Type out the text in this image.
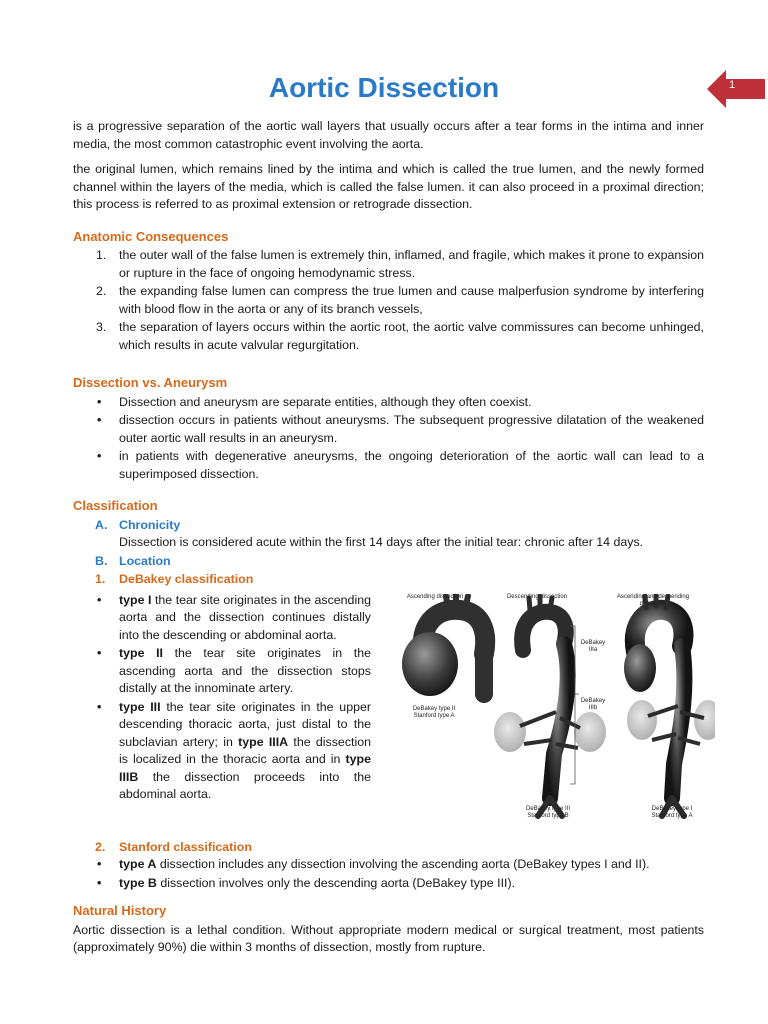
Aortic Dissection	1

is a progressive separation of the aortic wall layers that usually occurs after a tear forms in the intima and inner media, the most common catastrophic event involving the aorta.

the original lumen, which remains lined by the intima and which is called the true lumen, and the newly formed channel within the layers of the media, which is called the false lumen. it can also proceed in a proximal direction; this process is referred to as proximal extension or retrograde dissection.

Anatomic Consequences
1. the outer wall of the false lumen is extremely thin, inflamed, and fragile, which makes it prone to expansion or rupture in the face of ongoing hemodynamic stress.
2. the expanding false lumen can compress the true lumen and cause malperfusion syndrome by interfering with blood flow in the aorta or any of its branch vessels,
3. the separation of layers occurs within the aortic root, the aortic valve commissures can become unhinged, which results in acute valvular regurgitation.
Dissection vs. Aneurysm
• Dissection and aneurysm are separate entities, although they often coexist.
• dissection occurs in patients without aneurysms. The subsequent progressive dilatation of the weakened outer aortic wall results in an aneurysm.
• in patients with degenerative aneurysms, the ongoing deterioration of the aortic wall can lead to a superimposed dissection.
Classification
A. Chronicity
Dissection is considered acute within the first 14 days after the initial tear: chronic after 14 days.
B. Location
1. DeBakey classification
• type I the tear site originates in the ascending aorta and the dissection continues distally into the descending or abdominal aorta.
• type II the tear site originates in the ascending aorta and the dissection stops distally at the innominate artery.
• type III the tear site originates in the upper descending thoracic aorta, just distal to the subclavian artery; in type IIIA the dissection is localized in the thoracic aorta and in type IIIB the dissection proceeds into the abdominal aorta.
Ascending dissection	Descending dissection	Ascending and descending dissection
DeBakey type II
Stanford type A
DeBakey
IIIa
DeBakey
IIIb
DeBakey type III
Stanford type B
DeBakey type I
Stanford type A
2. Stanford classification
• type A dissection includes any dissection involving the ascending aorta (DeBakey types I and II).
• type B dissection involves only the descending aorta (DeBakey type III).
Natural History

Aortic dissection is a lethal condition. Without appropriate modern medical or surgical treatment, most patients (approximately 90%) die within 3 months of dissection, mostly from rupture.
